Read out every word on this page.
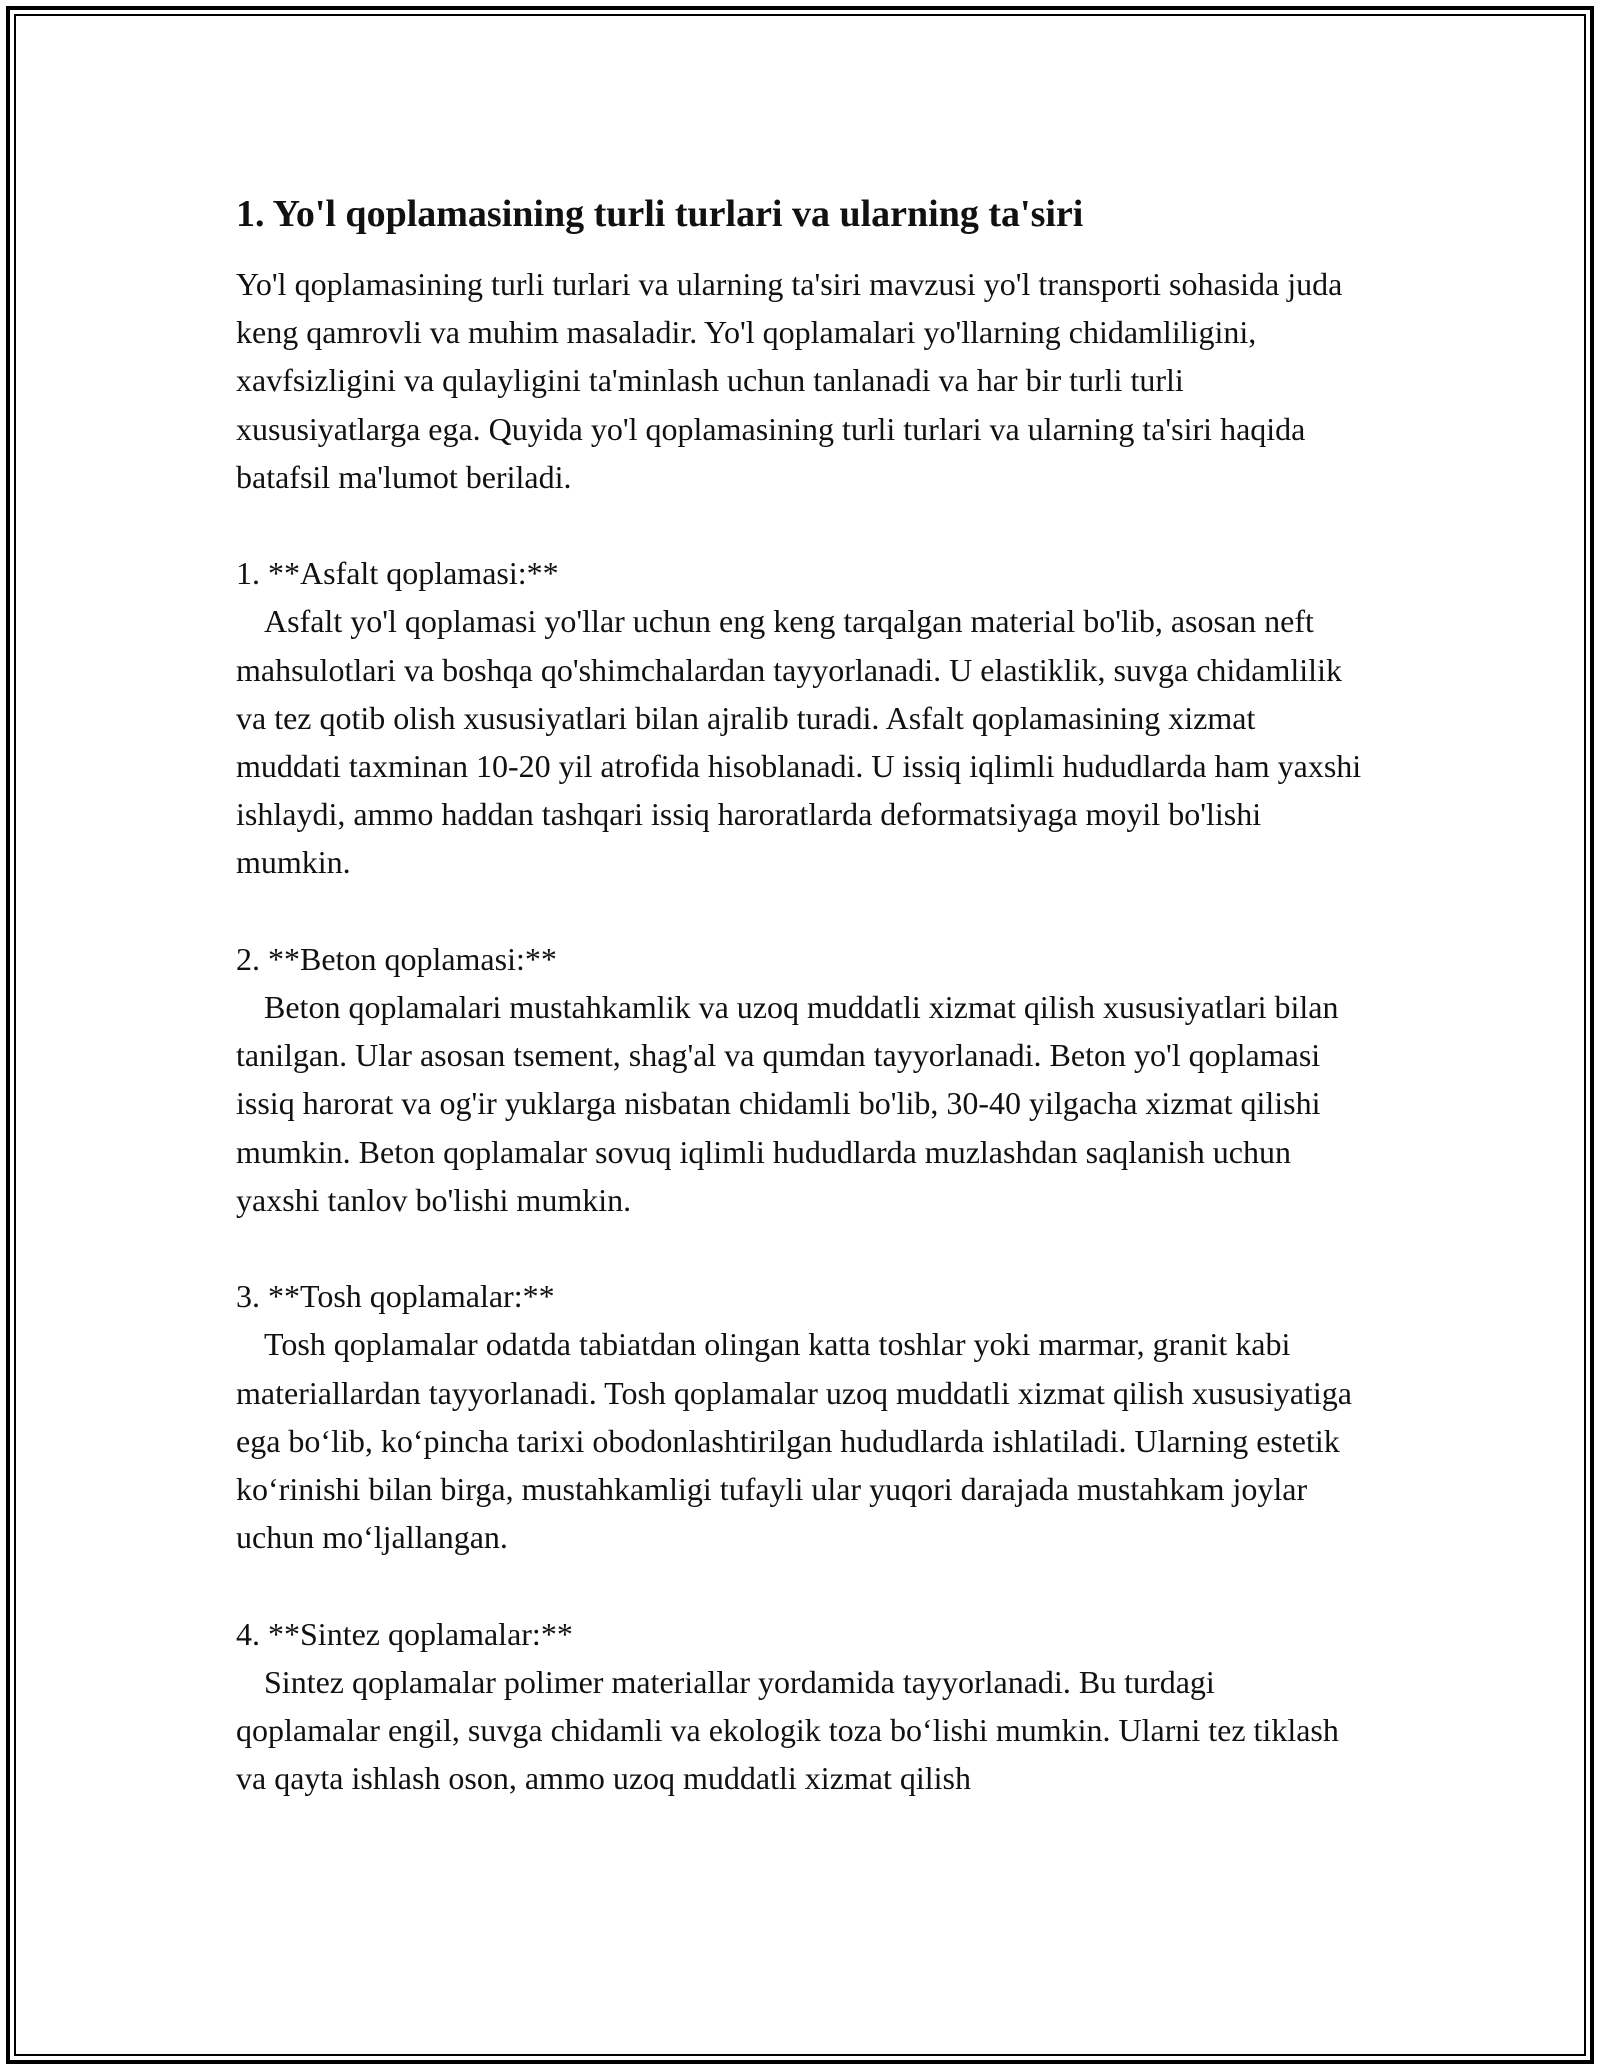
1. Yo'l qoplamasining turli turlari va ularning ta'siri

Yo'l qoplamasining turli turlari va ularning ta'siri mavzusi yo'l transporti sohasida juda keng qamrovli va muhim masaladir. Yo'l qoplamalari yo'llarning chidamliligini, xavfsizligini va qulayligini ta'minlash uchun tanlanadi va har bir turli turli xususiyatlarga ega. Quyida yo'l qoplamasining turli turlari va ularning ta'siri haqida batafsil ma'lumot beriladi.

1. **Asfalt qoplamasi:**

Asfalt yo'l qoplamasi yo'llar uchun eng keng tarqalgan material bo'lib, asosan neft mahsulotlari va boshqa qo'shimchalardan tayyorlanadi. U elastiklik, suvga chidamlilik va tez qotib olish xususiyatlari bilan ajralib turadi. Asfalt qoplamasining xizmat muddati taxminan 10-20 yil atrofida hisoblanadi. U issiq iqlimli hududlarda ham yaxshi ishlaydi, ammo haddan tashqari issiq haroratlarda deformatsiyaga moyil bo'lishi mumkin.

2. **Beton qoplamasi:**

Beton qoplamalari mustahkamlik va uzoq muddatli xizmat qilish xususiyatlari bilan tanilgan. Ular asosan tsement, shag'al va qumdan tayyorlanadi. Beton yo'l qoplamasi issiq harorat va og'ir yuklarga nisbatan chidamli bo'lib, 30-40 yilgacha xizmat qilishi mumkin. Beton qoplamalar sovuq iqlimli hududlarda muzlashdan saqlanish uchun yaxshi tanlov bo'lishi mumkin.

3. **Tosh qoplamalar:**

Tosh qoplamalar odatda tabiatdan olingan katta toshlar yoki marmar, granit kabi materiallardan tayyorlanadi. Tosh qoplamalar uzoq muddatli xizmat qilish xususiyatiga ega bo‘lib, ko‘pincha tarixi obodonlashtirilgan hududlarda ishlatiladi. Ularning estetik ko‘rinishi bilan birga, mustahkamligi tufayli ular yuqori darajada mustahkam joylar uchun mo‘ljallangan.

4. **Sintez qoplamalar:**

Sintez qoplamalar polimer materiallar yordamida tayyorlanadi. Bu turdagi qoplamalar engil, suvga chidamli va ekologik toza bo‘lishi mumkin. Ularni tez tiklash va qayta ishlash oson, ammo uzoq muddatli xizmat qilish
